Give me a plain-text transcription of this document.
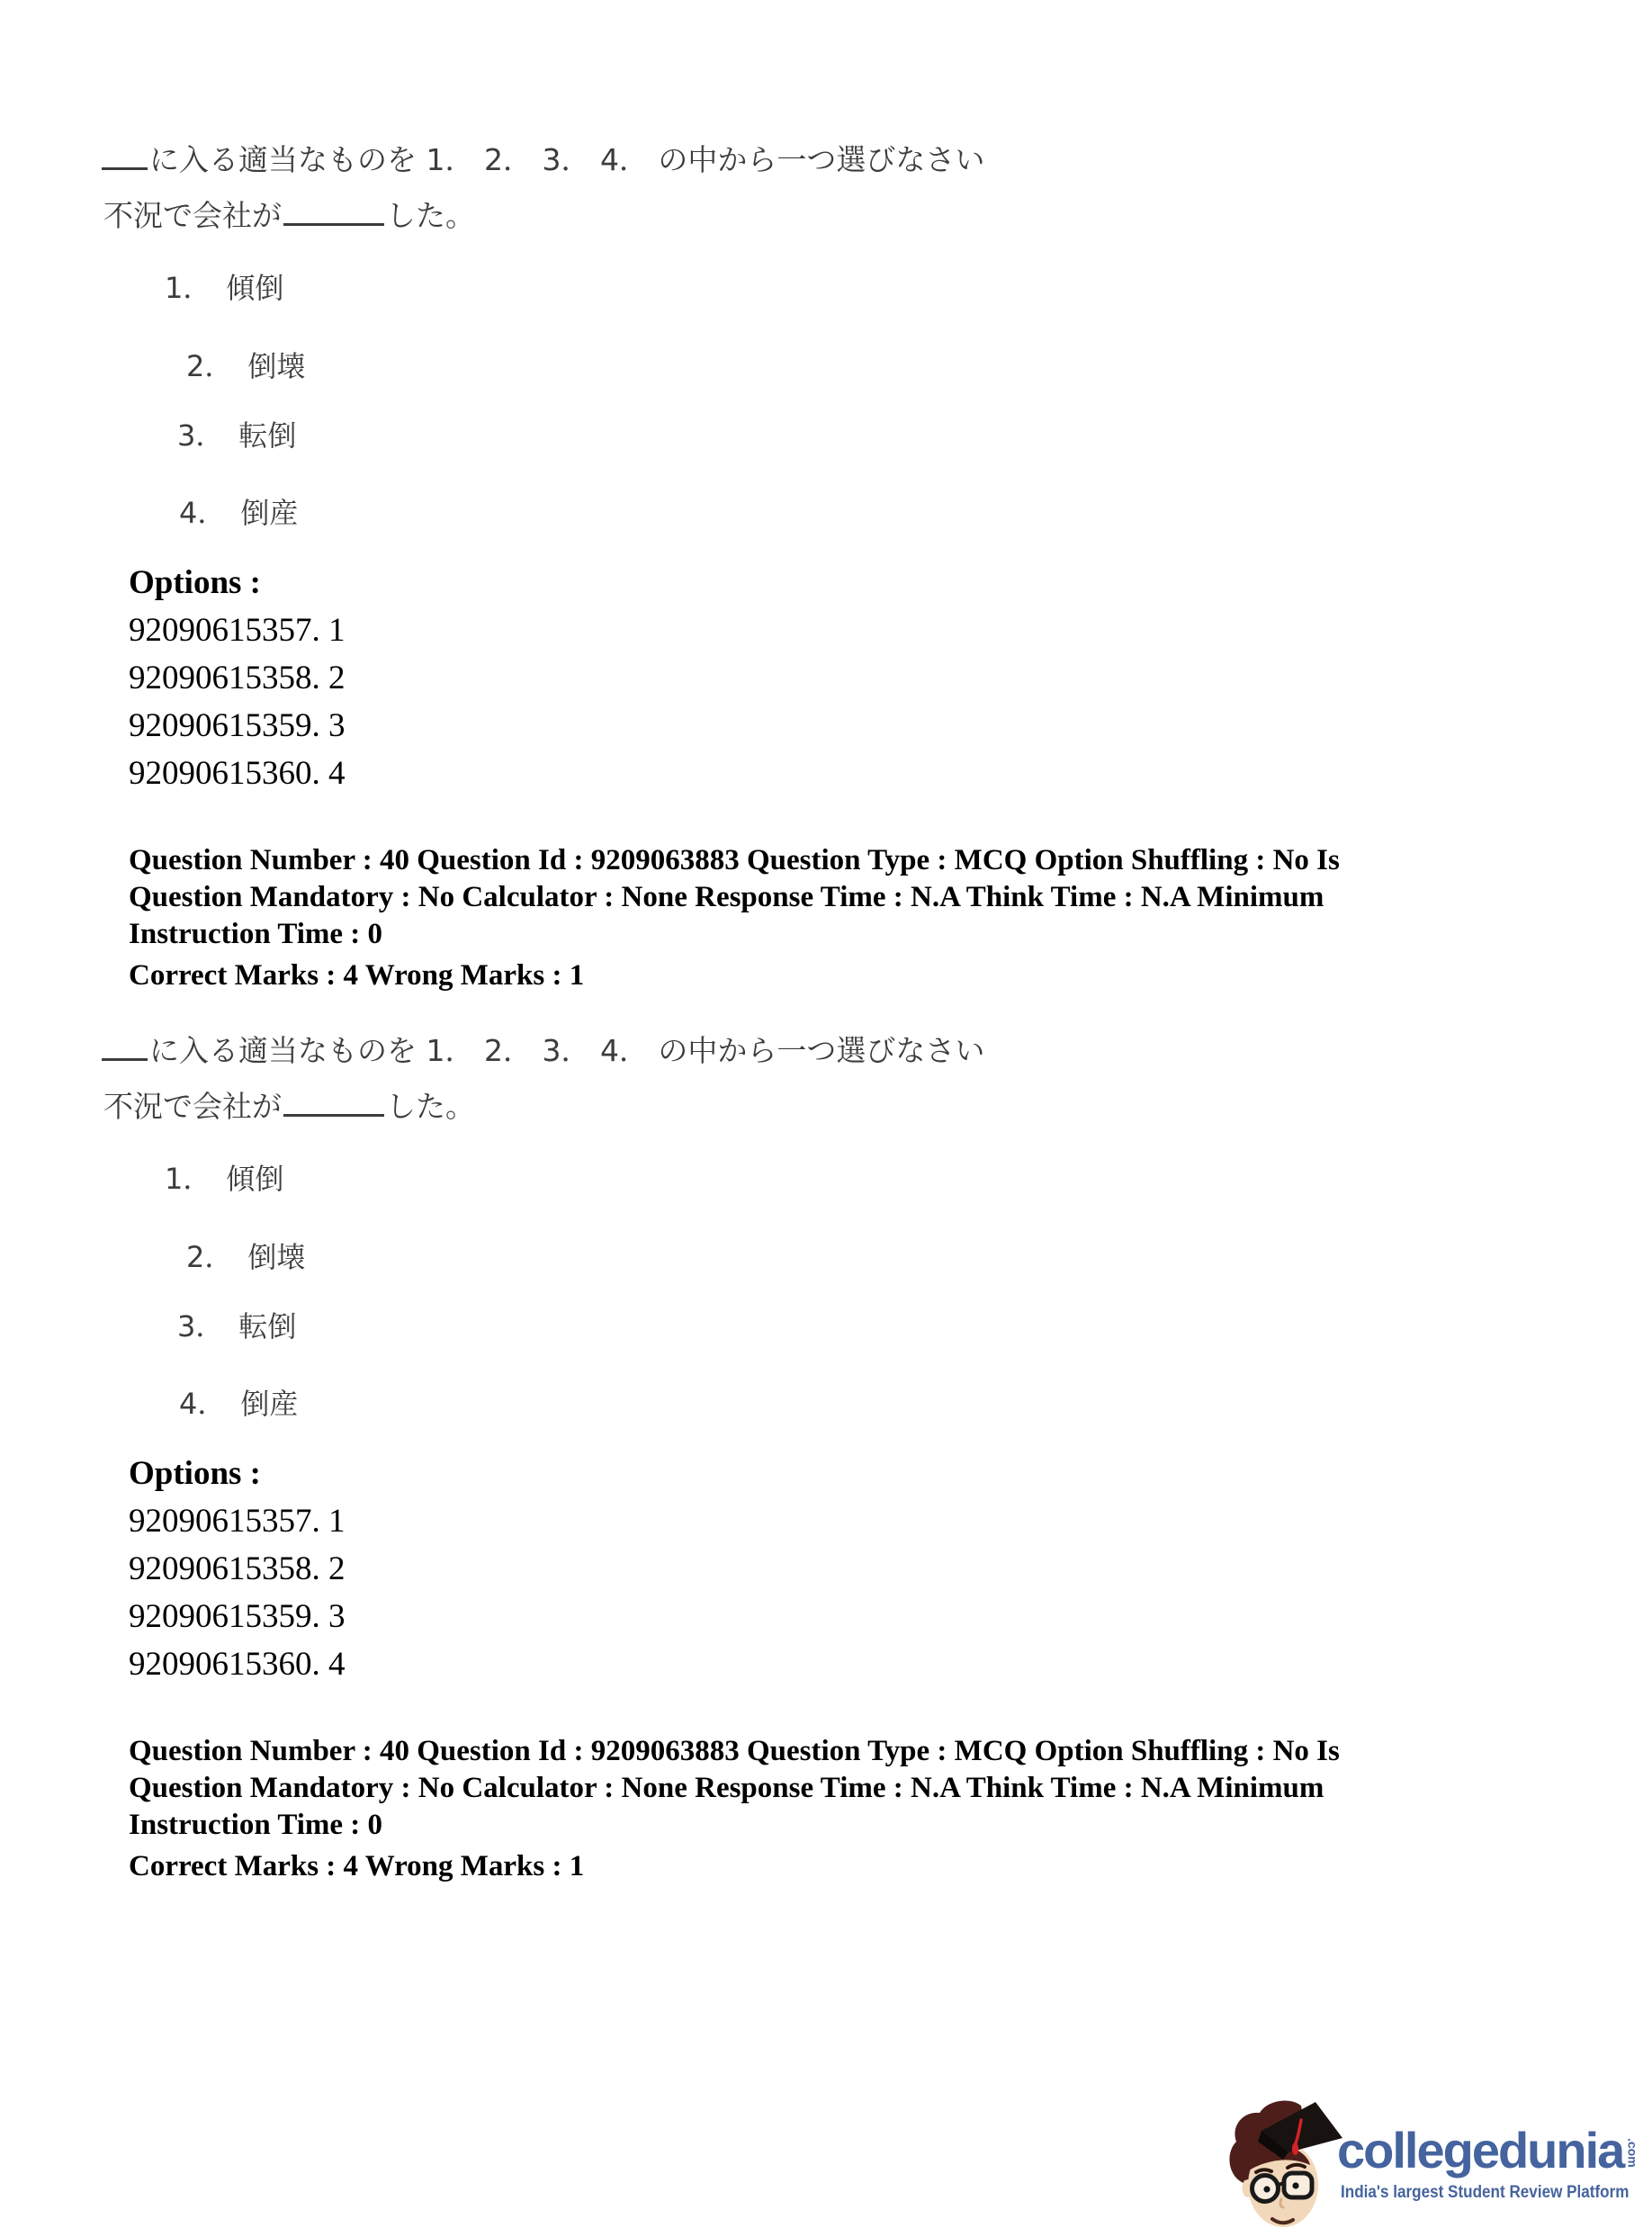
に入る適当なものを 1． 2． 3． 4． の中から一つ選びなさい
不況で会社が	した。
1． 傾倒
2． 倒壊
3． 転倒
4． 倒産
Options :
92090615357. 1
92090615358. 2
92090615359. 3
92090615360. 4
Question Number : 40 Question Id : 9209063883 Question Type : MCQ Option Shuffling : No Is
Question Mandatory : No Calculator : None Response Time : N.A Think Time : N.A Minimum
Instruction Time : 0
Correct Marks : 4 Wrong Marks : 1
に入る適当なものを 1． 2． 3． 4． の中から一つ選びなさい
不況で会社が	した。
1． 傾倒
2． 倒壊
3． 転倒
4． 倒産
Options :
92090615357. 1
92090615358. 2
92090615359. 3
92090615360. 4
Question Number : 40 Question Id : 9209063883 Question Type : MCQ Option Shuffling : No Is
Question Mandatory : No Calculator : None Response Time : N.A Think Time : N.A Minimum
Instruction Time : 0
Correct Marks : 4 Wrong Marks : 1
collegedunia .com
India's largest Student Review Platform
